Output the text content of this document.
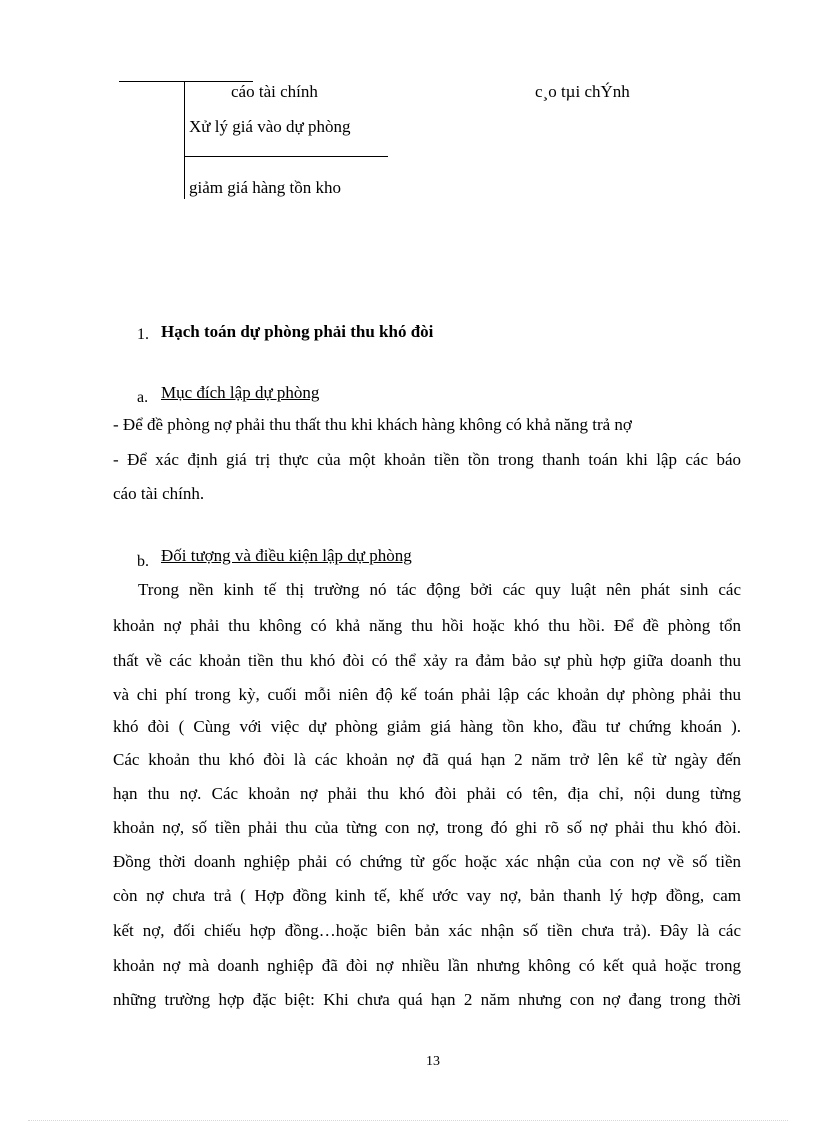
cáo tài chính	c¸o tµi chÝnh
Xử lý giá vào dự phòng
giảm giá hàng tồn kho
1. Hạch toán dự phòng phải thu khó đòi
a. Mục đích lập dự phòng
- Để đề phòng nợ phải thu thất thu khi khách hàng không có khả năng trả nợ
- Để xác định giá trị thực của một khoản tiền tồn trong thanh toán khi lập các báo
cáo tài chính.
b. Đối tượng và điều kiện lập dự phòng
Trong nền kinh tế thị trường nó tác động bởi các quy luật nên phát sinh các
khoản nợ phải thu không có khả năng thu hồi hoặc khó thu hồi. Để đề phòng tổn
thất về các khoản tiền thu khó đòi có thể xảy ra đảm bảo sự phù hợp giữa doanh thu
và chi phí trong kỳ, cuối mỗi niên độ kế toán phải lập các khoản dự phòng phải thu
khó đòi ( Cùng với việc dự phòng giảm giá hàng tồn kho, đầu tư chứng khoán ).
Các khoản thu khó đòi là các khoản nợ đã quá hạn 2 năm trở lên kể từ ngày đến
hạn thu nợ. Các khoản nợ phải thu khó đòi phải có tên, địa chỉ, nội dung từng
khoản nợ, số tiền phải thu của từng con nợ, trong đó ghi rõ số nợ phải thu khó đòi.
Đồng thời doanh nghiệp phải có chứng từ gốc hoặc xác nhận của con nợ về số tiền
còn nợ chưa trả ( Hợp đồng kinh tế, khế ước vay nợ, bản thanh lý hợp đồng, cam
kết nợ, đối chiếu hợp đồng…hoặc biên bản xác nhận số tiền chưa trả). Đây là các
khoản nợ mà doanh nghiệp đã đòi nợ nhiều lần nhưng không có kết quả hoặc trong
những trường hợp đặc biệt: Khi chưa quá hạn 2 năm nhưng con nợ đang trong thời
13
